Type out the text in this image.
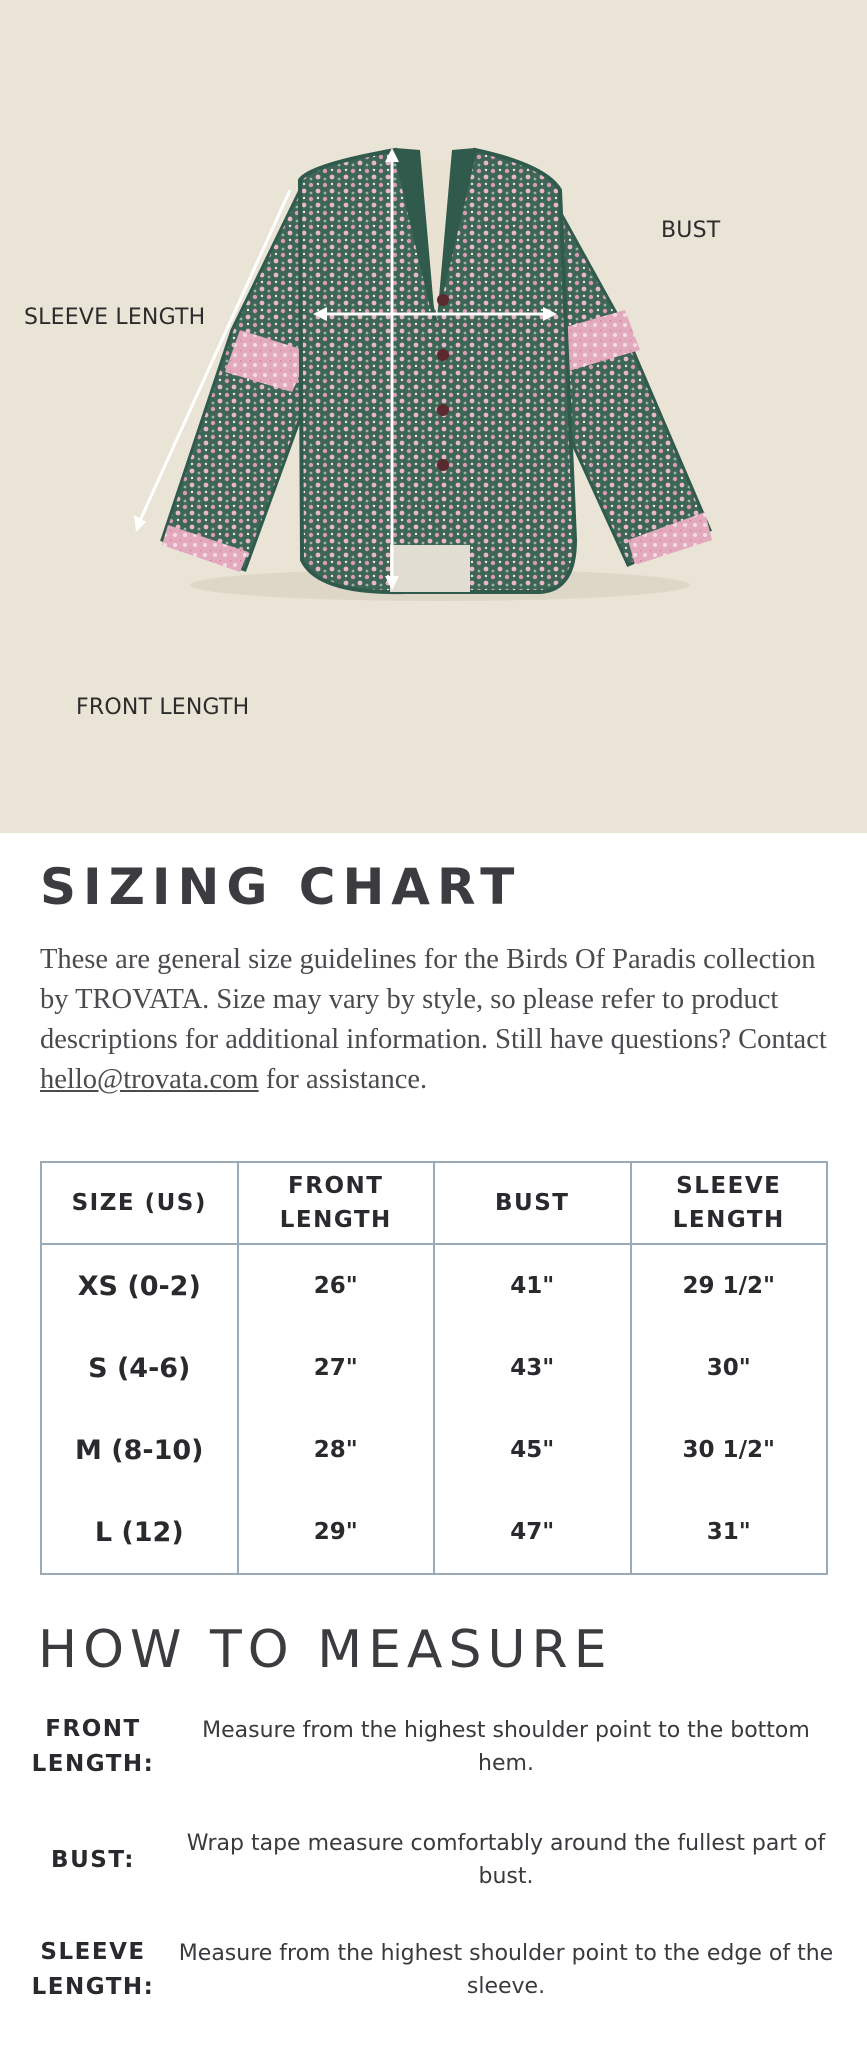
SLEEVE LENGTH
BUST
FRONT LENGTH
SIZING CHART

These are general size guidelines for the Birds Of Paradis collection by TROVATA. Size may vary by style, so please refer to product descriptions for additional information. Still have questions? Contact hello@trovata.com for assistance.

SIZE (US)	FRONT LENGTH	BUST	SLEEVE LENGTH
XS (0-2)	26"	41"	29 1/2"
S (4-6)	27"	43"	30"
M (8-10)	28"	45"	30 1/2"
L (12)	29"	47"	31"
HOW TO MEASURE
FRONT LENGTH:
Measure from the highest shoulder point to the bottom hem.
BUST:
Wrap tape measure comfortably around the fullest part of bust.
SLEEVE LENGTH:
Measure from the highest shoulder point to the edge of the sleeve.
